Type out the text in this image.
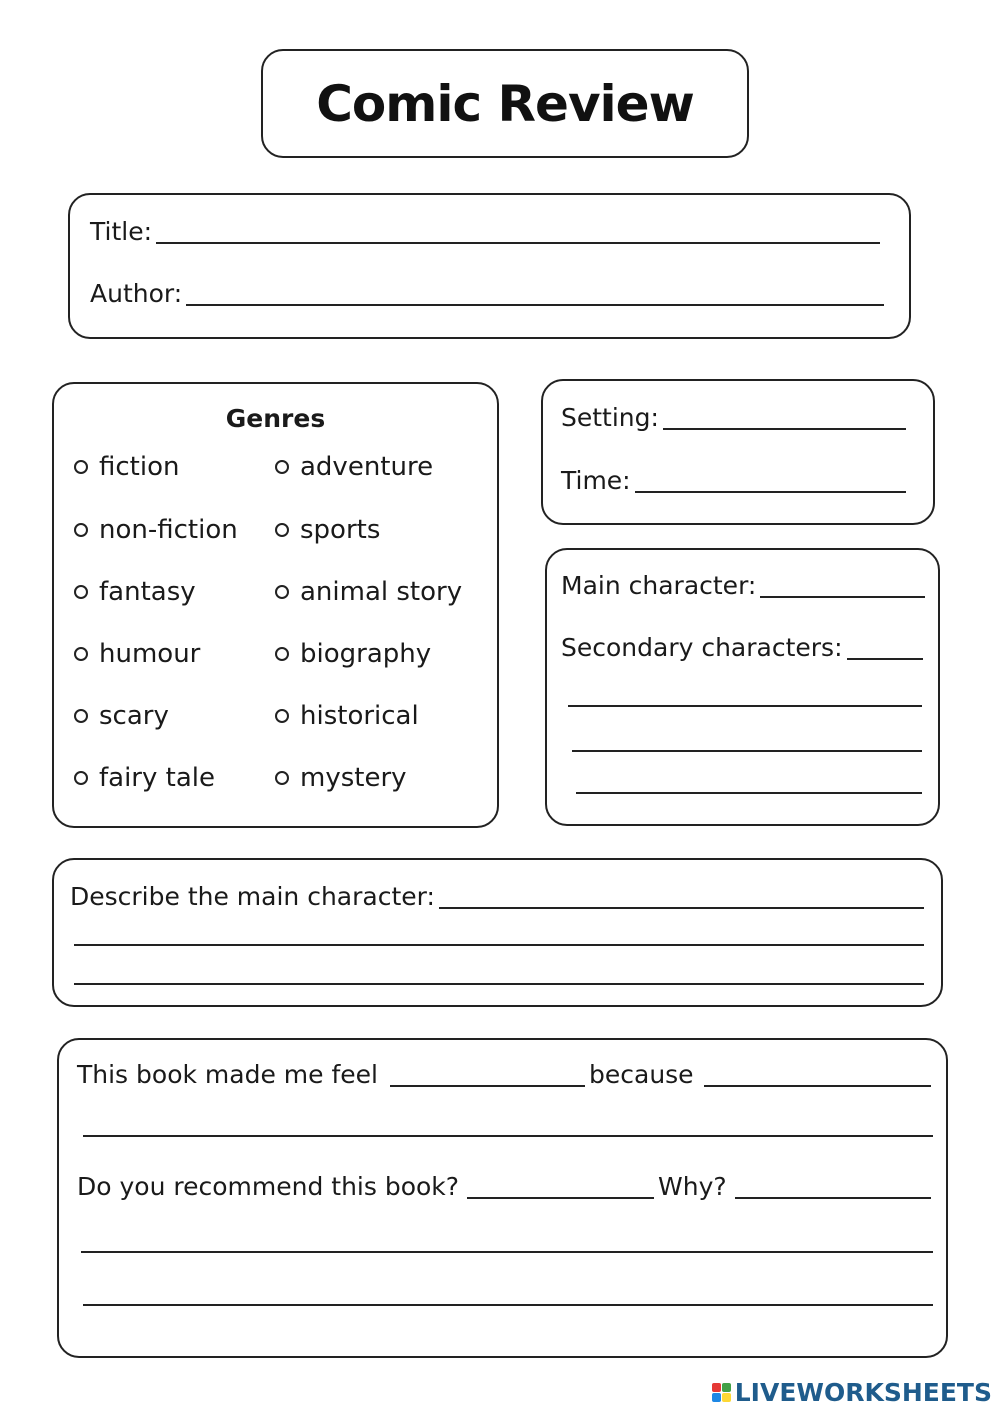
Comic Review
Title:
Author:
Genres
fiction
non-fiction
fantasy
humour
scary
fairy tale
adventure
sports
animal story
biography
historical
mystery
Setting:
Time:
Main character:
Secondary characters:
Describe the main character:
This book made me feel	because
Do you recommend this book?	Why?
LIVEWORKSHEETS
